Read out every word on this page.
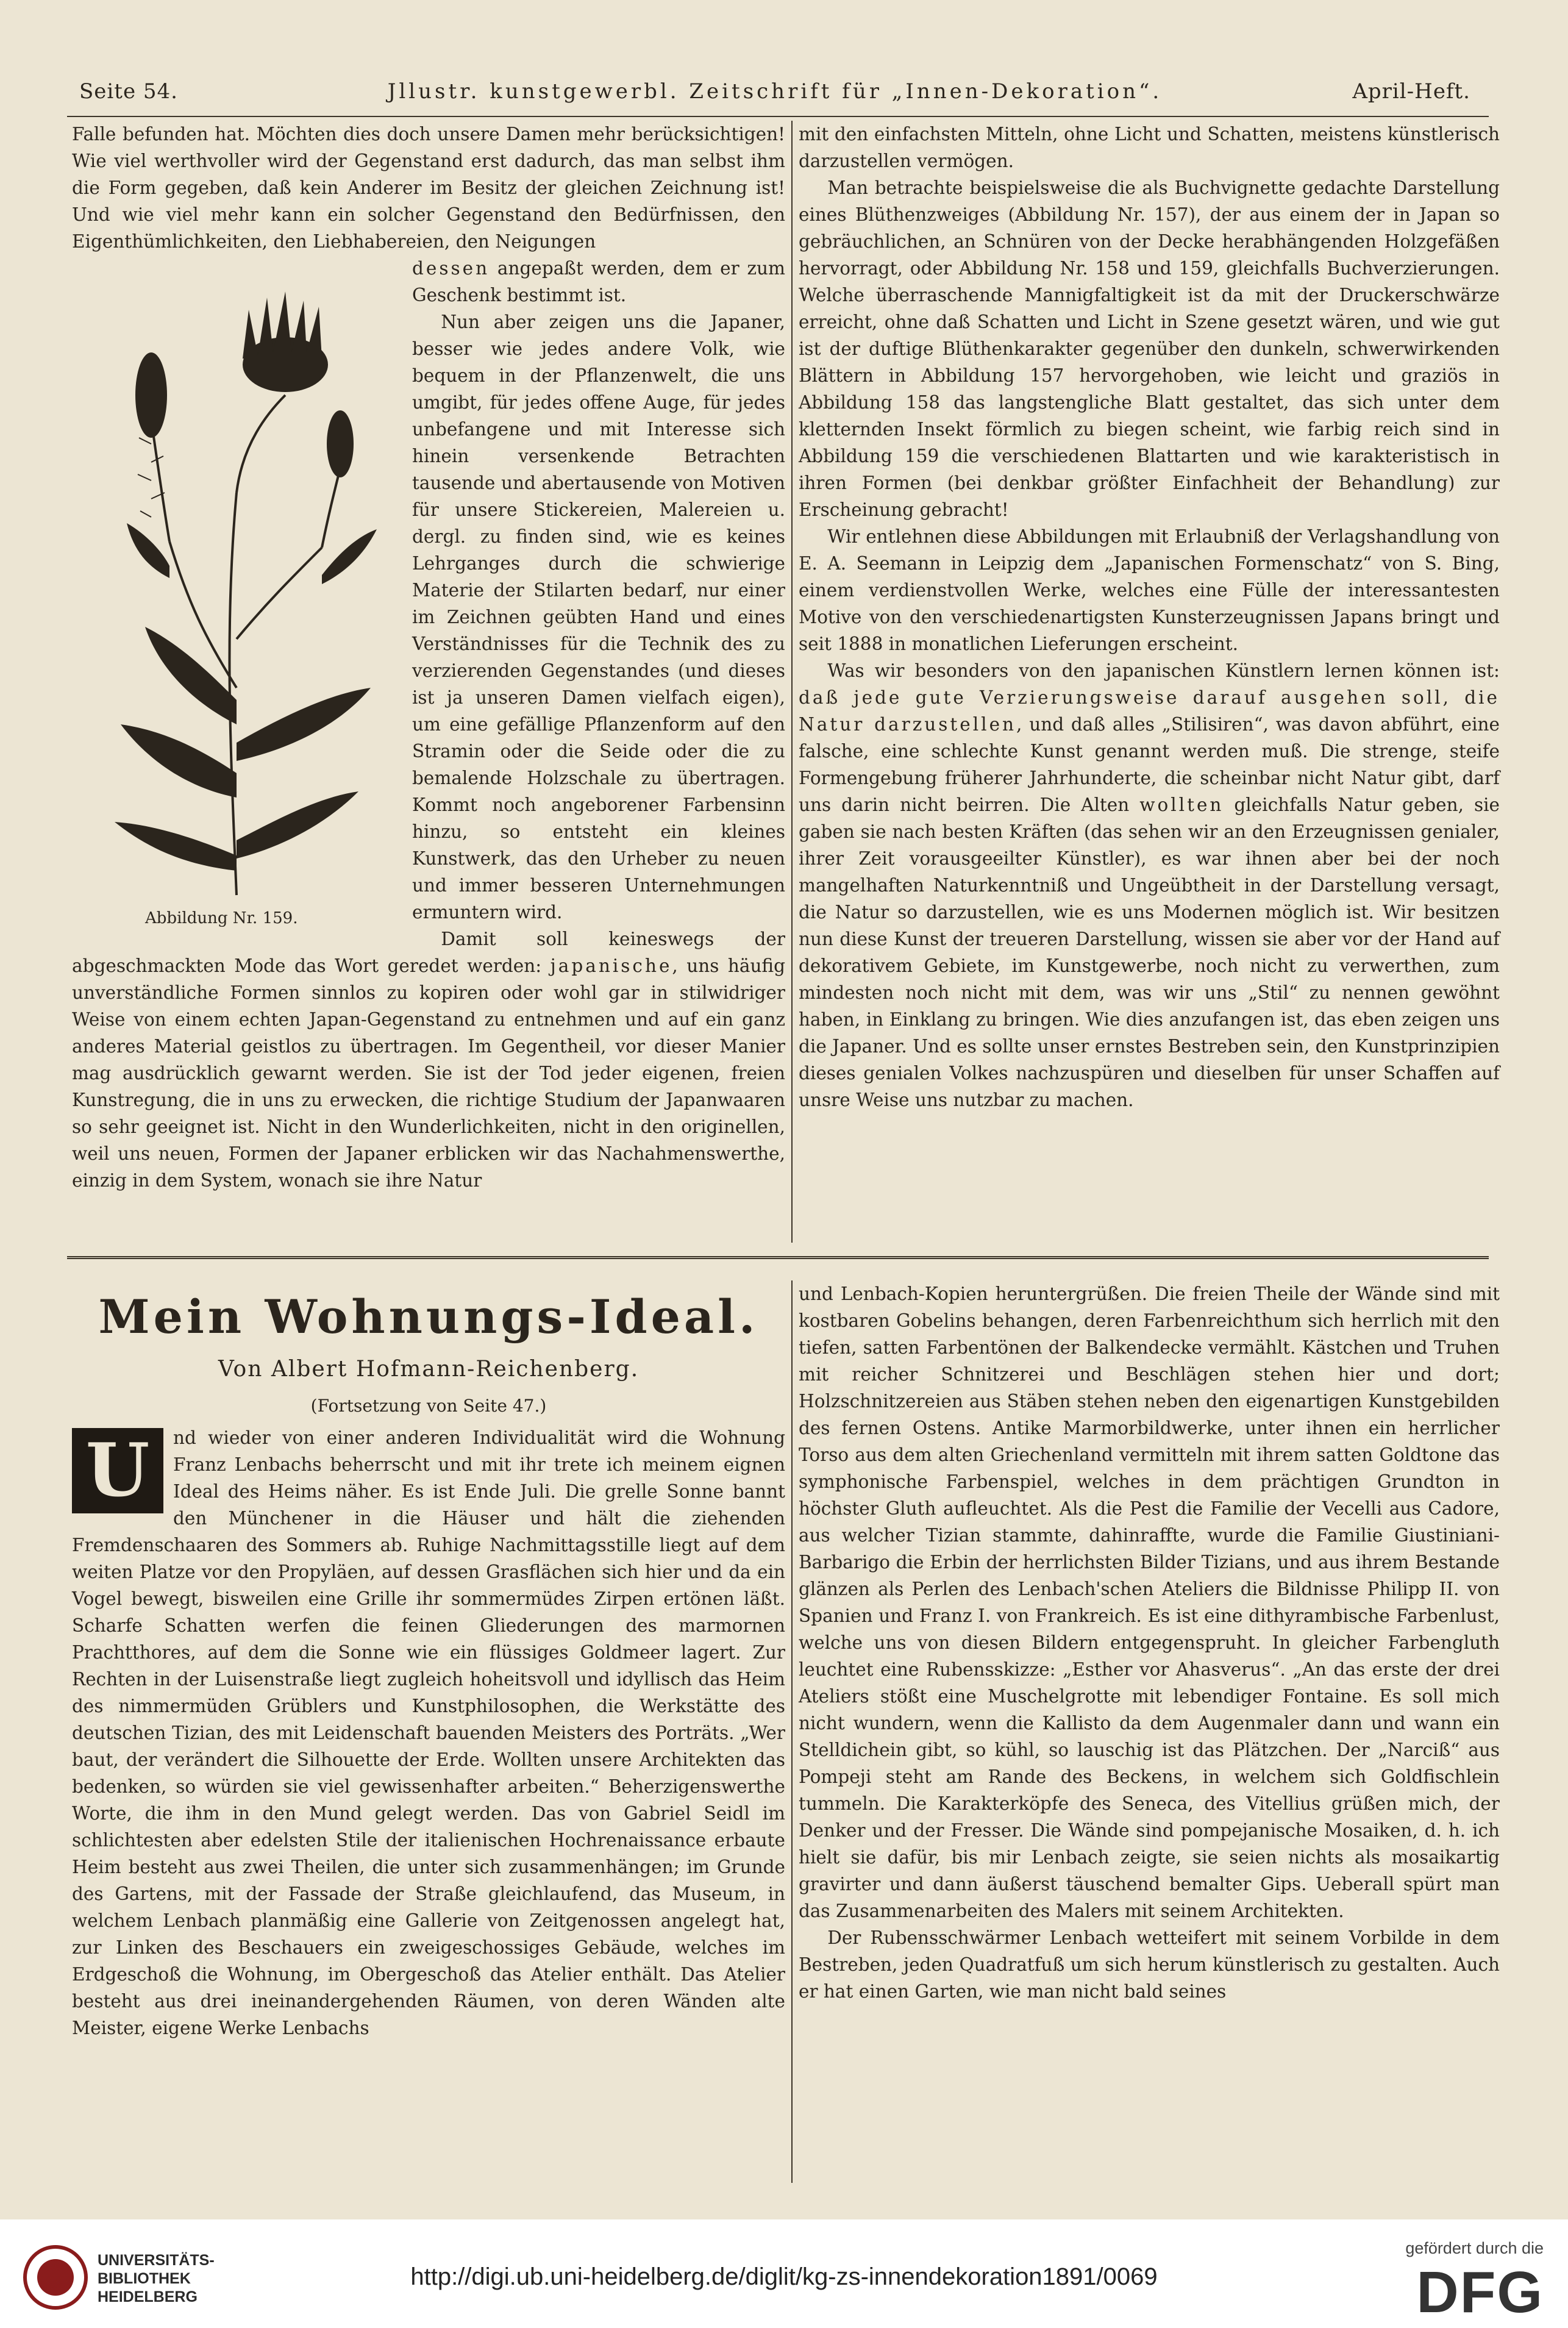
Seite 54.	Jllustr. kunstgewerbl. Zeitschrift für „Innen-Dekoration“.	April-Heft.

Falle befunden hat. Möchten dies doch unsere Damen mehr berücksichtigen! Wie viel werthvoller wird der Gegenstand erst dadurch, das man selbst ihm die Form gegeben, daß kein Anderer im Besitz der gleichen Zeichnung ist! Und wie viel mehr kann ein solcher Gegenstand den Bedürfnissen, den Eigenthümlichkeiten, den Liebhabereien, den Neigungen

Abbildung Nr. 159.

dessen angepaßt werden, dem er zum Geschenk bestimmt ist.

Nun aber zeigen uns die Japaner, besser wie jedes andere Volk, wie bequem in der Pflanzenwelt, die uns umgibt, für jedes offene Auge, für jedes unbefangene und mit Interesse sich hinein versenkende Betrachten tausende und abertausende von Motiven für unsere Stickereien, Malereien u. dergl. zu finden sind, wie es keines Lehrganges durch die schwierige Materie der Stilarten bedarf, nur einer im Zeichnen geübten Hand und eines Verständnisses für die Technik des zu verzierenden Gegenstandes (und dieses ist ja unseren Damen vielfach eigen), um eine gefällige Pflanzenform auf den Stramin oder die Seide oder die zu bemalende Holzschale zu übertragen. Kommt noch angeborener Farbensinn hinzu, so entsteht ein kleines Kunstwerk, das den Urheber zu neuen und immer besseren Unternehmungen ermuntern wird.

Damit soll keineswegs der abgeschmackten Mode das Wort geredet werden: japanische, uns häufig unverständliche Formen sinnlos zu kopiren oder wohl gar in stilwidriger Weise von einem echten Japan-Gegenstand zu entnehmen und auf ein ganz anderes Material geistlos zu übertragen. Im Gegentheil, vor dieser Manier mag ausdrücklich gewarnt werden. Sie ist der Tod jeder eigenen, freien Kunstregung, die in uns zu erwecken, die richtige Studium der Japanwaaren so sehr geeignet ist. Nicht in den Wunderlichkeiten, nicht in den originellen, weil uns neuen, Formen der Japaner erblicken wir das Nachahmenswerthe, einzig in dem System, wonach sie ihre Natur

mit den einfachsten Mitteln, ohne Licht und Schatten, meistens künstlerisch darzustellen vermögen.

Man betrachte beispielsweise die als Buchvignette gedachte Darstellung eines Blüthenzweiges (Abbildung Nr. 157), der aus einem der in Japan so gebräuchlichen, an Schnüren von der Decke herabhängenden Holzgefäßen hervorragt, oder Abbildung Nr. 158 und 159, gleichfalls Buchverzierungen. Welche überraschende Mannigfaltigkeit ist da mit der Druckerschwärze erreicht, ohne daß Schatten und Licht in Szene gesetzt wären, und wie gut ist der duftige Blüthenkarakter gegenüber den dunkeln, schwerwirkenden Blättern in Abbildung 157 hervorgehoben, wie leicht und graziös in Abbildung 158 das langstengliche Blatt gestaltet, das sich unter dem kletternden Insekt förmlich zu biegen scheint, wie farbig reich sind in Abbildung 159 die verschiedenen Blattarten und wie karakteristisch in ihren Formen (bei denkbar größter Einfachheit der Behandlung) zur Erscheinung gebracht!

Wir entlehnen diese Abbildungen mit Erlaubniß der Verlagshandlung von E. A. Seemann in Leipzig dem „Japanischen Formenschatz“ von S. Bing, einem verdienstvollen Werke, welches eine Fülle der interessantesten Motive von den verschiedenartigsten Kunsterzeugnissen Japans bringt und seit 1888 in monatlichen Lieferungen erscheint.

Was wir besonders von den japanischen Künstlern lernen können ist: daß jede gute Verzierungsweise darauf ausgehen soll, die Natur darzustellen, und daß alles „Stilisiren“, was davon abführt, eine falsche, eine schlechte Kunst genannt werden muß. Die strenge, steife Formengebung früherer Jahrhunderte, die scheinbar nicht Natur gibt, darf uns darin nicht beirren. Die Alten wollten gleichfalls Natur geben, sie gaben sie nach besten Kräften (das sehen wir an den Erzeugnissen genialer, ihrer Zeit vorausgeeilter Künstler), es war ihnen aber bei der noch mangelhaften Naturkenntniß und Ungeübtheit in der Darstellung versagt, die Natur so darzustellen, wie es uns Modernen möglich ist. Wir besitzen nun diese Kunst der treueren Darstellung, wissen sie aber vor der Hand auf dekorativem Gebiete, im Kunstgewerbe, noch nicht zu verwerthen, zum mindesten noch nicht mit dem, was wir uns „Stil“ zu nennen gewöhnt haben, in Einklang zu bringen. Wie dies anzufangen ist, das eben zeigen uns die Japaner. Und es sollte unser ernstes Bestreben sein, den Kunstprinzipien dieses genialen Volkes nachzuspüren und dieselben für unser Schaffen auf unsre Weise uns nutzbar zu machen.

Mein Wohnungs-Ideal.
Von Albert Hofmann-Reichenberg.
(Fortsetzung von Seite 47.)

U	nd wieder von einer anderen Individualität wird die Wohnung Franz Lenbachs beherrscht und mit ihr trete ich meinem eignen Ideal des Heims näher. Es ist Ende Juli. Die grelle Sonne bannt den Münchener in die Häuser und hält die ziehenden Fremdenschaaren des Sommers ab. Ruhige Nachmittagsstille liegt auf dem weiten Platze vor den Propyläen, auf dessen Grasflächen sich hier und da ein Vogel bewegt, bisweilen eine Grille ihr sommermüdes Zirpen ertönen läßt. Scharfe Schatten werfen die feinen Gliederungen des marmornen Prachtthores, auf dem die Sonne wie ein flüssiges Goldmeer lagert. Zur Rechten in der Luisenstraße liegt zugleich hoheitsvoll und idyllisch das Heim des nimmermüden Grüblers und Kunstphilosophen, die Werkstätte des deutschen Tizian, des mit Leidenschaft bauenden Meisters des Porträts. „Wer baut, der verändert die Silhouette der Erde. Wollten unsere Architekten das bedenken, so würden sie viel gewissenhafter arbeiten.“ Beherzigenswerthe Worte, die ihm in den Mund gelegt werden. Das von Gabriel Seidl im schlichtesten aber edelsten Stile der italienischen Hochrenaissance erbaute Heim besteht aus zwei Theilen, die unter sich zusammenhängen; im Grunde des Gartens, mit der Fassade der Straße gleichlaufend, das Museum, in welchem Lenbach planmäßig eine Gallerie von Zeitgenossen angelegt hat, zur Linken des Beschauers ein zweigeschossiges Gebäude, welches im Erdgeschoß die Wohnung, im Obergeschoß das Atelier enthält. Das Atelier besteht aus drei ineinandergehenden Räumen, von deren Wänden alte Meister, eigene Werke Lenbachs

und Lenbach-Kopien heruntergrüßen. Die freien Theile der Wände sind mit kostbaren Gobelins behangen, deren Farbenreichthum sich herrlich mit den tiefen, satten Farbentönen der Balkendecke vermählt. Kästchen und Truhen mit reicher Schnitzerei und Beschlägen stehen hier und dort; Holzschnitzereien aus Stäben stehen neben den eigenartigen Kunstgebilden des fernen Ostens. Antike Marmorbildwerke, unter ihnen ein herrlicher Torso aus dem alten Griechenland vermitteln mit ihrem satten Goldtone das symphonische Farbenspiel, welches in dem prächtigen Grundton in höchster Gluth aufleuchtet. Als die Pest die Familie der Vecelli aus Cadore, aus welcher Tizian stammte, dahinraffte, wurde die Familie Giustiniani-Barbarigo die Erbin der herrlichsten Bilder Tizians, und aus ihrem Bestande glänzen als Perlen des Lenbach'schen Ateliers die Bildnisse Philipp II. von Spanien und Franz I. von Frankreich. Es ist eine dithyrambische Farbenlust, welche uns von diesen Bildern entgegenspruht. In gleicher Farbengluth leuchtet eine Rubensskizze: „Esther vor Ahasverus“. „An das erste der drei Ateliers stößt eine Muschelgrotte mit lebendiger Fontaine. Es soll mich nicht wundern, wenn die Kallisto da dem Augenmaler dann und wann ein Stelldichein gibt, so kühl, so lauschig ist das Plätzchen. Der „Narciß“ aus Pompeji steht am Rande des Beckens, in welchem sich Goldfischlein tummeln. Die Karakterköpfe des Seneca, des Vitellius grüßen mich, der Denker und der Fresser. Die Wände sind pompejanische Mosaiken, d. h. ich hielt sie dafür, bis mir Lenbach zeigte, sie seien nichts als mosaikartig gravirter und dann äußerst täuschend bemalter Gips. Ueberall spürt man das Zusammenarbeiten des Malers mit seinem Architekten.

Der Rubensschwärmer Lenbach wetteifert mit seinem Vorbilde in dem Bestreben, jeden Quadratfuß um sich herum künstlerisch zu gestalten. Auch er hat einen Garten, wie man nicht bald seines

UNIVERSITÄTS-
BIBLIOTHEK
HEIDELBERG
http://digi.ub.uni-heidelberg.de/diglit/kg-zs-innendekoration1891/0069
gefördert durch die
DFG
